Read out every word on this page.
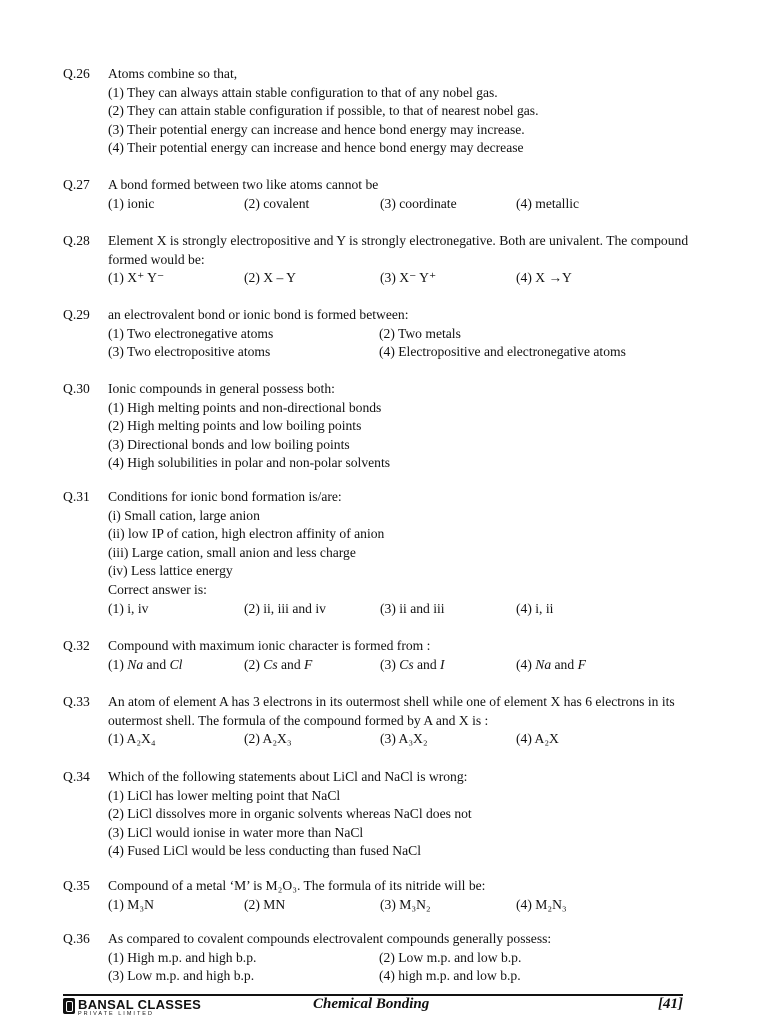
Q.26	Atoms combine so that,
(1) They can always attain stable configuration to that of any nobel gas.
(2) They can attain stable configuration if possible, to that of nearest nobel gas.
(3) Their potential energy can increase and hence bond energy may increase.
(4) Their potential energy can increase and hence bond energy may decrease
Q.27	A bond formed between two like atoms cannot be
(1) ionic	(2) covalent	(3) coordinate	(4) metallic
Q.28	Element X is strongly electropositive and Y is strongly electronegative. Both are univalent. The compound formed would be:
(1) X⁺ Y⁻	(2) X – Y	(3) X⁻ Y⁺	(4) X →Y
Q.29	an electrovalent bond or ionic bond is formed between:
(1) Two electronegative atoms	(2) Two metals
(3) Two electropositive atoms	(4) Electropositive and electronegative atoms
Q.30	Ionic compounds in general possess both:
(1) High melting points and non-directional bonds
(2) High melting points and low boiling points
(3) Directional bonds and low boiling points
(4) High solubilities in polar and non-polar solvents
Q.31	Conditions for ionic bond formation is/are:
(i) Small cation, large anion
(ii) low IP of cation, high electron affinity of anion
(iii) Large cation, small anion and less charge
(iv) Less lattice energy
Correct answer is:
(1) i, iv	(2) ii, iii and iv	(3) ii and iii	(4) i, ii
Q.32	Compound with maximum ionic character is formed from :
(1) Na and Cl	(2) Cs and F	(3) Cs and I	(4) Na and F
Q.33	An atom of element A has 3 electrons in its outermost shell while one of element X has 6 electrons in its outermost shell. The formula of the compound formed by A and X is :
(1) A₂X₄	(2) A₂X₃	(3) A₃X₂	(4) A₂X
Q.34	Which of the following statements about LiCl and NaCl is wrong:
(1) LiCl has lower melting point that NaCl
(2) LiCl dissolves more in organic solvents whereas NaCl does not
(3) LiCl would ionise in water more than NaCl
(4) Fused LiCl would be less conducting than fused NaCl
Q.35	Compound of a metal ‘M’ is M₂O₃. The formula of its nitride will be:
(1) M₃N	(2) MN	(3) M₃N₂	(4) M₂N₃
Q.36	As compared to covalent compounds electrovalent compounds generally possess:
(1) High m.p. and high b.p.	(2) Low m.p. and low b.p.
(3) Low m.p. and high b.p.	(4) high m.p. and low b.p.
BANSAL CLASSES
PRIVATE LIMITED
Chemical Bonding	[41]
